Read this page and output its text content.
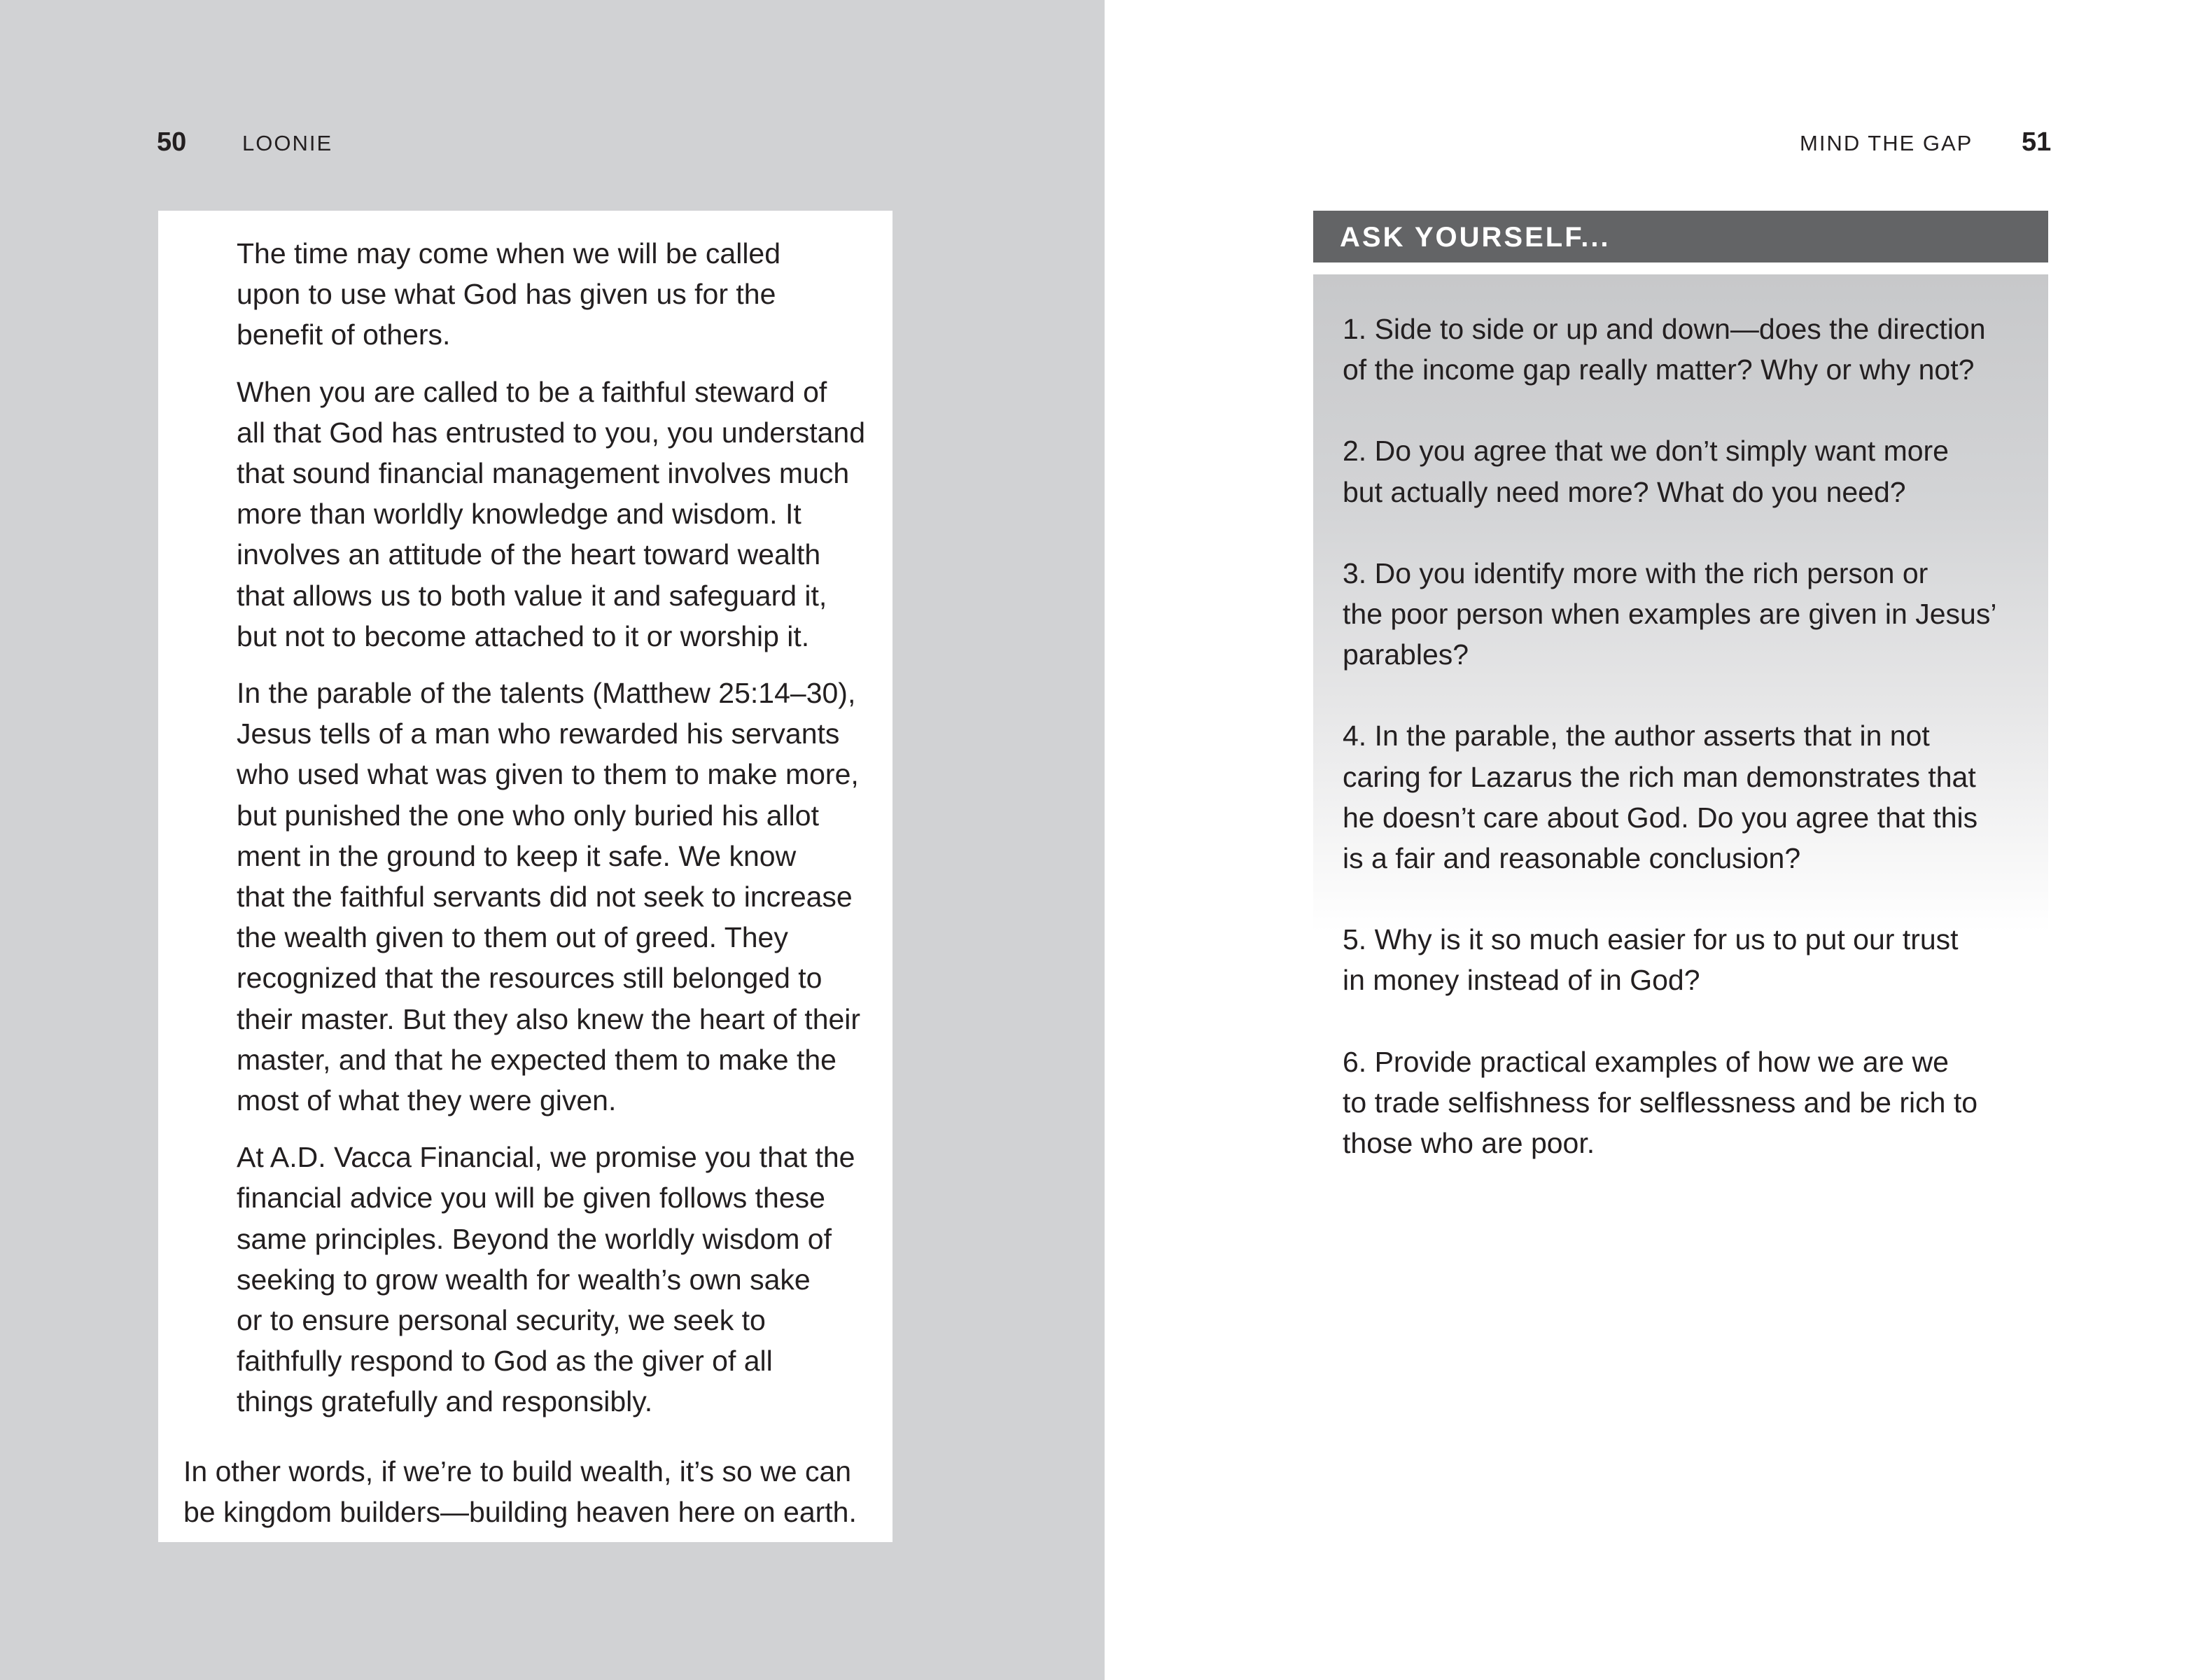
50	LOONIE

The time may come when we will be called
upon to use what God has given us for the
benefit of others.

When you are called to be a faithful steward of
all that God has entrusted to you, you understand
that sound financial management involves much
more than worldly knowledge and wisdom. It
involves an attitude of the heart toward wealth
that allows us to both value it and safeguard it,
but not to become attached to it or worship it.

In the parable of the talents (Matthew 25:14–30),
Jesus tells of a man who rewarded his servants
who used what was given to them to make more,
but punished the one who only buried his allot
ment in the ground to keep it safe. We know
that the faithful servants did not seek to increase
the wealth given to them out of greed. They
recognized that the resources still belonged to
their master. But they also knew the heart of their
master, and that he expected them to make the
most of what they were given.

At A.D. Vacca Financial, we promise you that the
financial advice you will be given follows these
same principles. Beyond the worldly wisdom of
seeking to grow wealth for wealth’s own sake
or to ensure personal security, we seek to
faithfully respond to God as the giver of all
things gratefully and responsibly.

In other words, if we’re to build wealth, it’s so we can
be kingdom builders—building heaven here on earth.

MIND THE GAP 51

ASK YOURSELF...

1. Side to side or up and down—does the direction
of the income gap really matter? Why or why not?
2. Do you agree that we don’t simply want more
but actually need more? What do you need?
3. Do you identify more with the rich person or
the poor person when examples are given in Jesus’
parables?
4. In the parable, the author asserts that in not
caring for Lazarus the rich man demonstrates that
he doesn’t care about God. Do you agree that this
is a fair and reasonable conclusion?
5. Why is it so much easier for us to put our trust
in money instead of in God?
6. Provide practical examples of how we are we
to trade selfishness for selflessness and be rich to
those who are poor.
